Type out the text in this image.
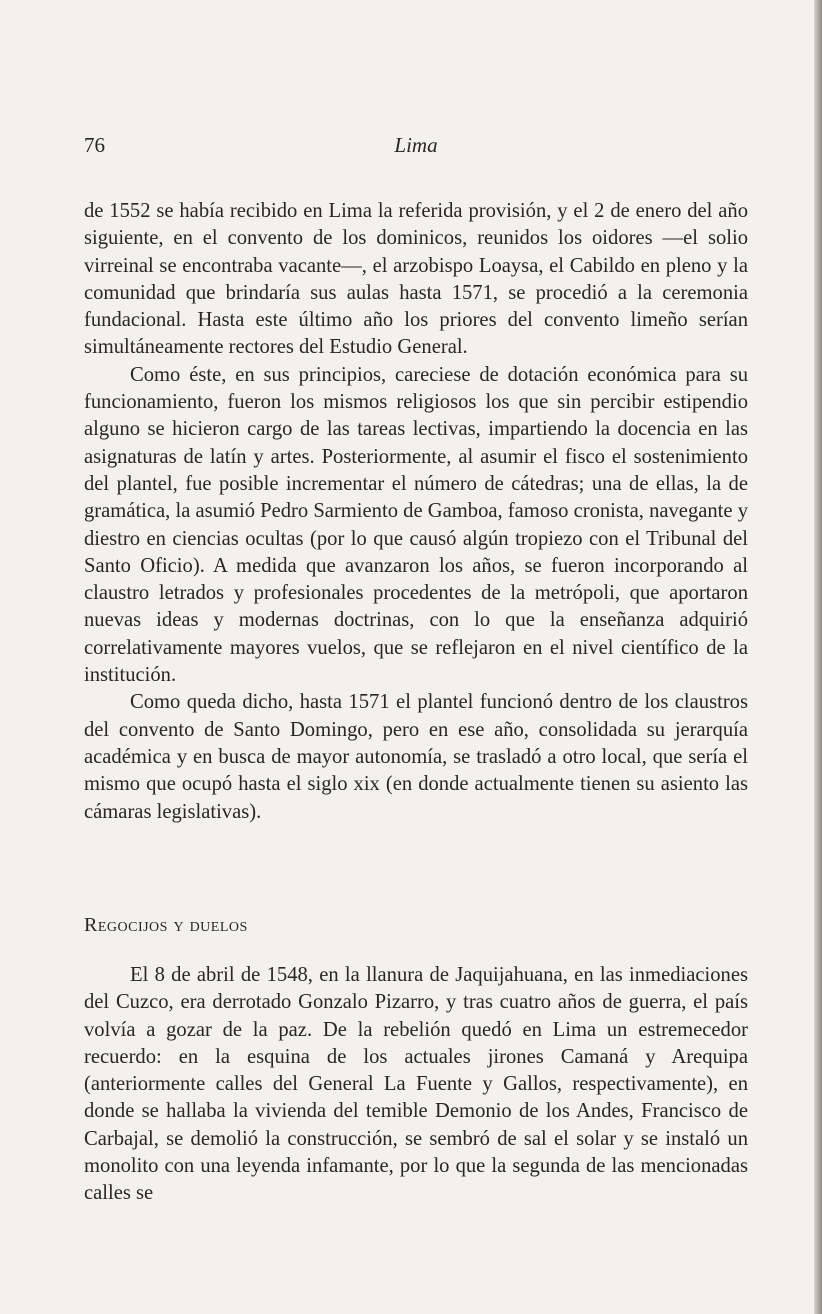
76	Lima

de 1552 se había recibido en Lima la referida provisión, y el 2 de enero del año siguiente, en el convento de los dominicos, reunidos los oidores —el solio virreinal se encontraba vacante—, el arzobispo Loaysa, el Cabildo en pleno y la comunidad que brindaría sus aulas hasta 1571, se procedió a la ceremonia fundacional. Hasta este último año los priores del convento limeño serían simultáneamente rectores del Estudio General.

Como éste, en sus principios, careciese de dotación económica para su funcionamiento, fueron los mismos religiosos los que sin percibir estipendio alguno se hicieron cargo de las tareas lectivas, impartiendo la docencia en las asignaturas de latín y artes. Posteriormente, al asumir el fisco el sostenimiento del plantel, fue posible incrementar el número de cátedras; una de ellas, la de gramática, la asumió Pedro Sarmiento de Gamboa, famoso cronista, navegante y diestro en ciencias ocultas (por lo que causó algún tropiezo con el Tribunal del Santo Oficio). A medida que avanzaron los años, se fueron incorporando al claustro letrados y profesionales procedentes de la metrópoli, que aportaron nuevas ideas y modernas doctrinas, con lo que la enseñanza adquirió correlativamente mayores vuelos, que se reflejaron en el nivel científico de la institución.

Como queda dicho, hasta 1571 el plantel funcionó dentro de los claustros del convento de Santo Domingo, pero en ese año, consolidada su jerarquía académica y en busca de mayor autonomía, se trasladó a otro local, que sería el mismo que ocupó hasta el siglo xix (en donde actualmente tienen su asiento las cámaras legislativas).

Regocijos y duelos

El 8 de abril de 1548, en la llanura de Jaquijahuana, en las inmediaciones del Cuzco, era derrotado Gonzalo Pizarro, y tras cuatro años de guerra, el país volvía a gozar de la paz. De la rebelión quedó en Lima un estremecedor recuerdo: en la esquina de los actuales jirones Camaná y Arequipa (anteriormente calles del General La Fuente y Gallos, respectivamente), en donde se hallaba la vivienda del temible Demonio de los Andes, Francisco de Carbajal, se demolió la construcción, se sembró de sal el solar y se instaló un monolito con una leyenda infamante, por lo que la segunda de las mencionadas calles se
